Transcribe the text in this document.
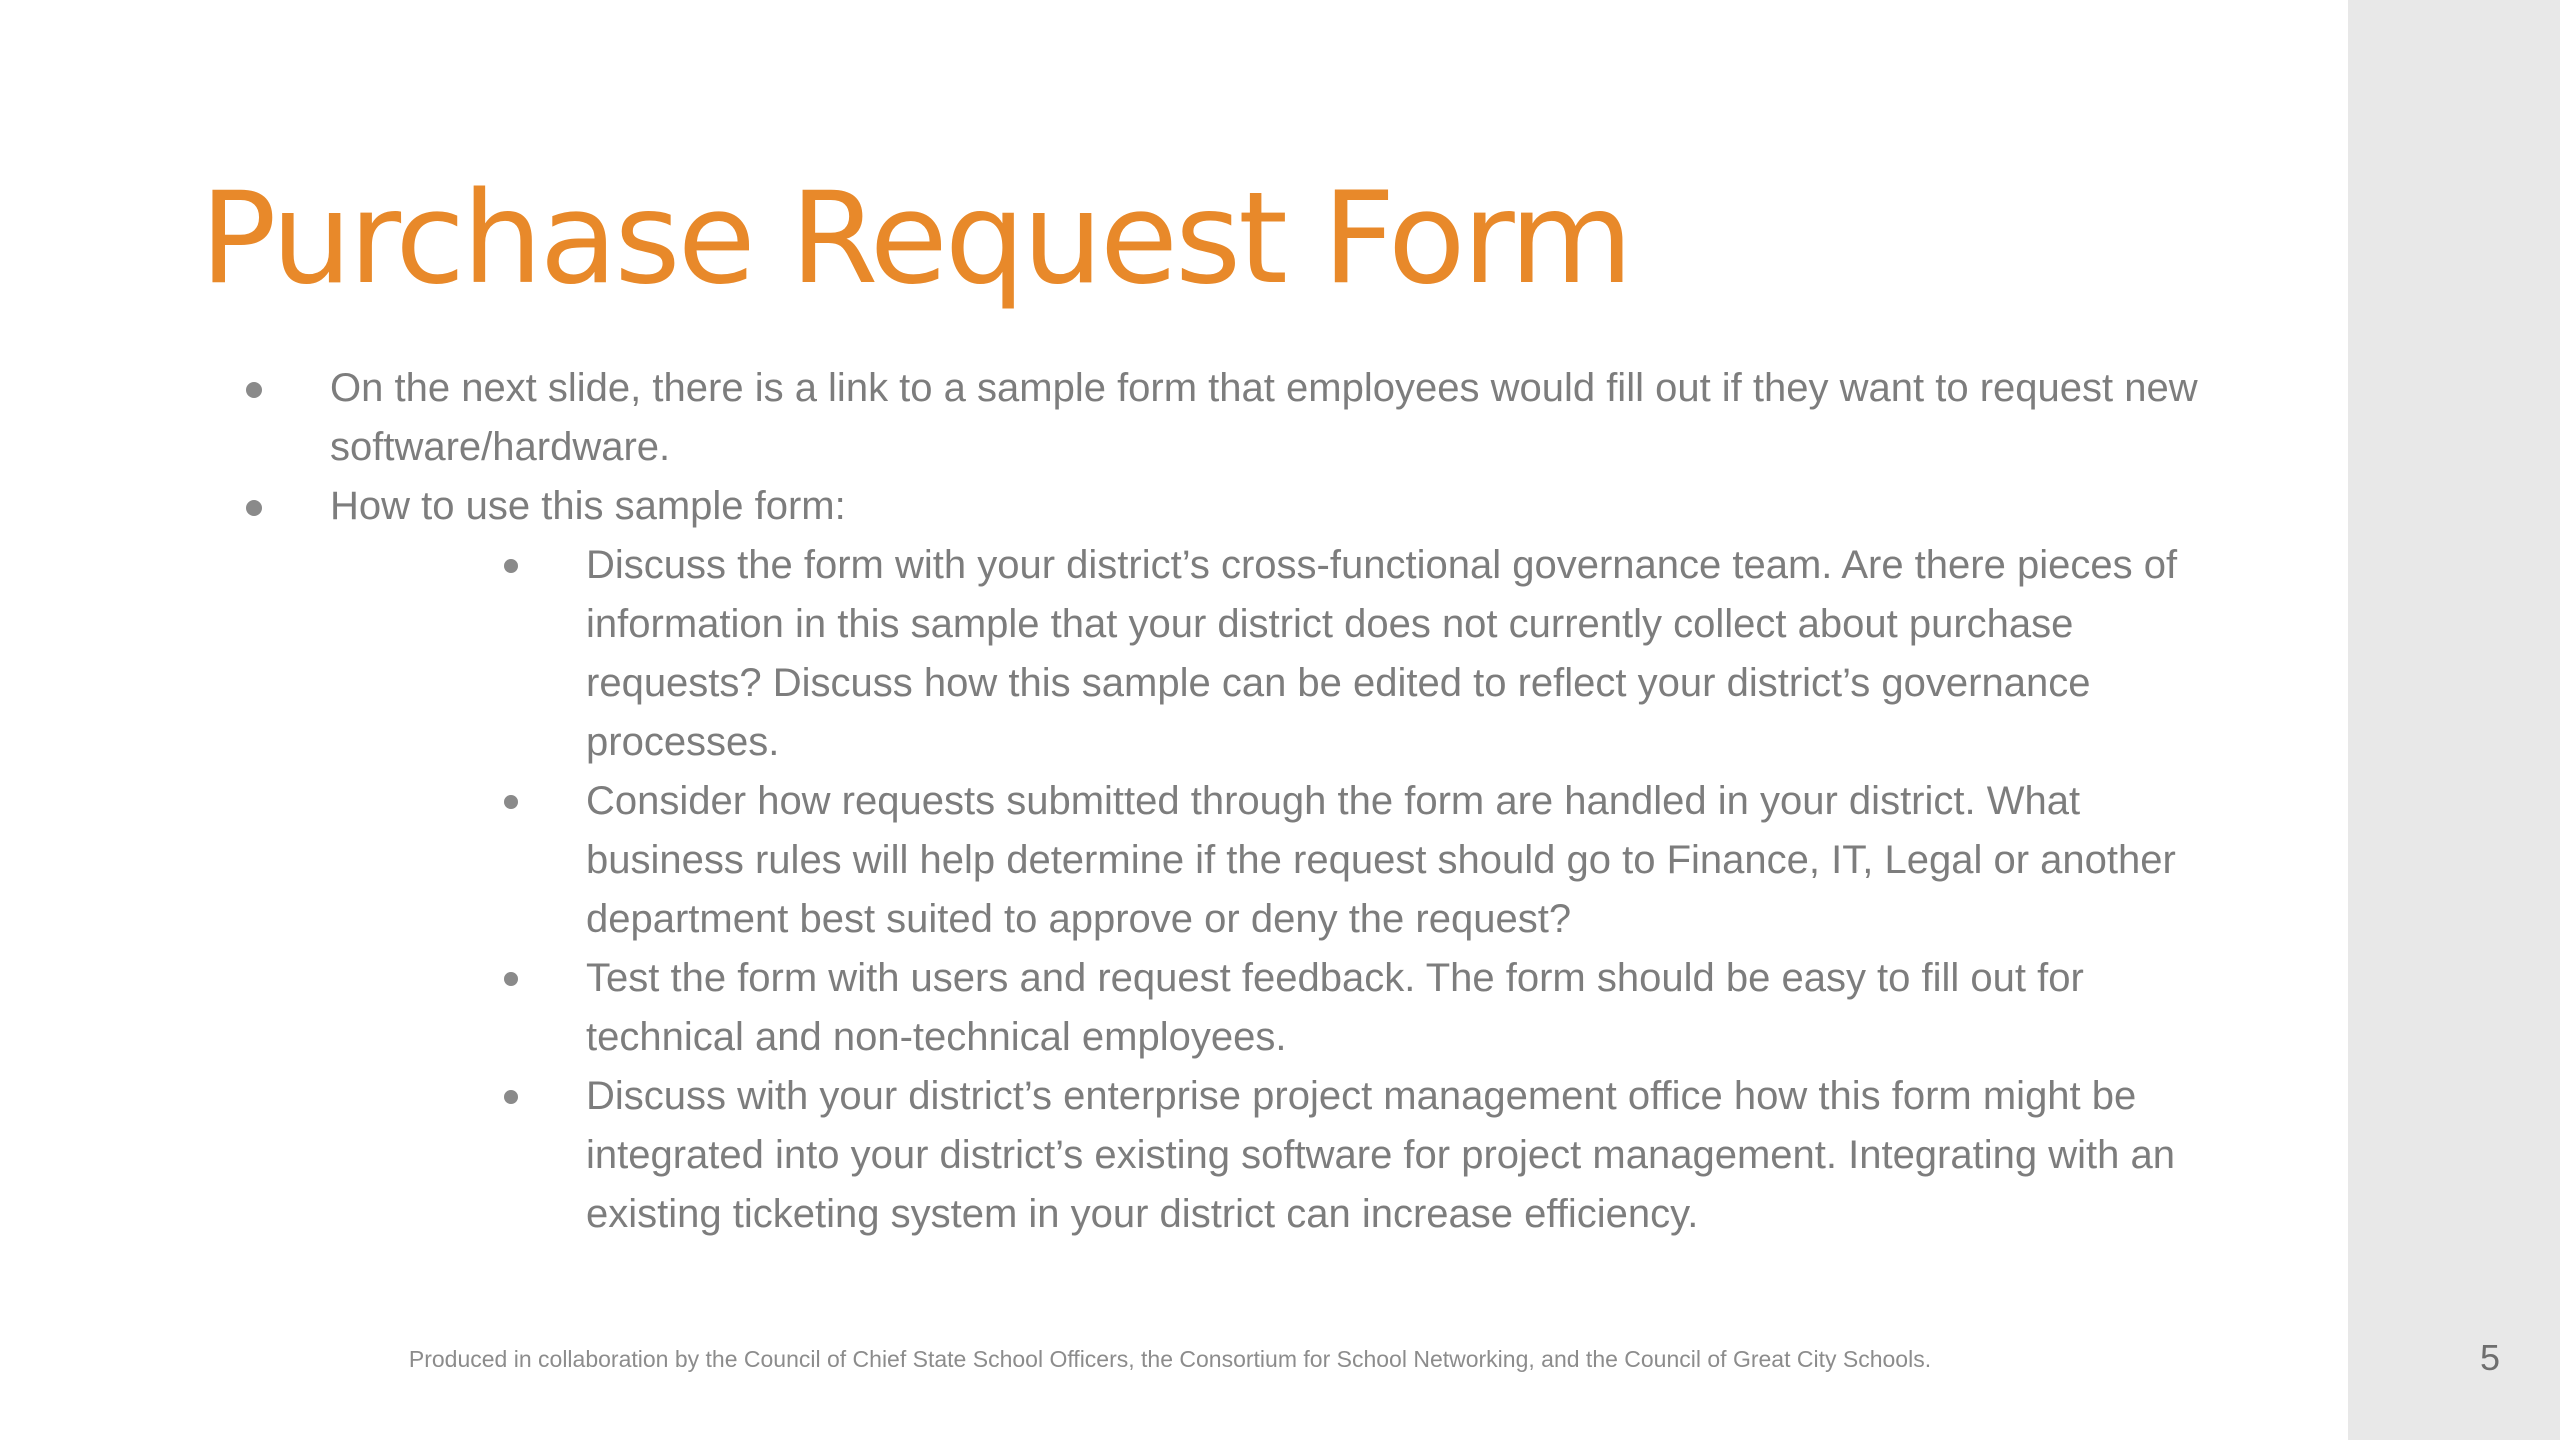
Purchase Request Form
On the next slide, there is a link to a sample form that employees would fill out if they want to request new software/hardware.
How to use this sample form:
Discuss the form with your district’s cross-functional governance team. Are there pieces of information in this sample that your district does not currently collect about purchase requests? Discuss how this sample can be edited to reflect your district’s governance processes.
Consider how requests submitted through the form are handled in your district. What business rules will help determine if the request should go to Finance, IT, Legal or another department best suited to approve or deny the request?
Test the form with users and request feedback. The form should be easy to fill out for technical and non-technical employees.
Discuss with your district’s enterprise project management office how this form might be integrated into your district’s existing software for project management. Integrating with an existing ticketing system in your district can increase efficiency.
Produced in collaboration by the Council of Chief State School Officers, the Consortium for School Networking, and the Council of Great City Schools.	5
